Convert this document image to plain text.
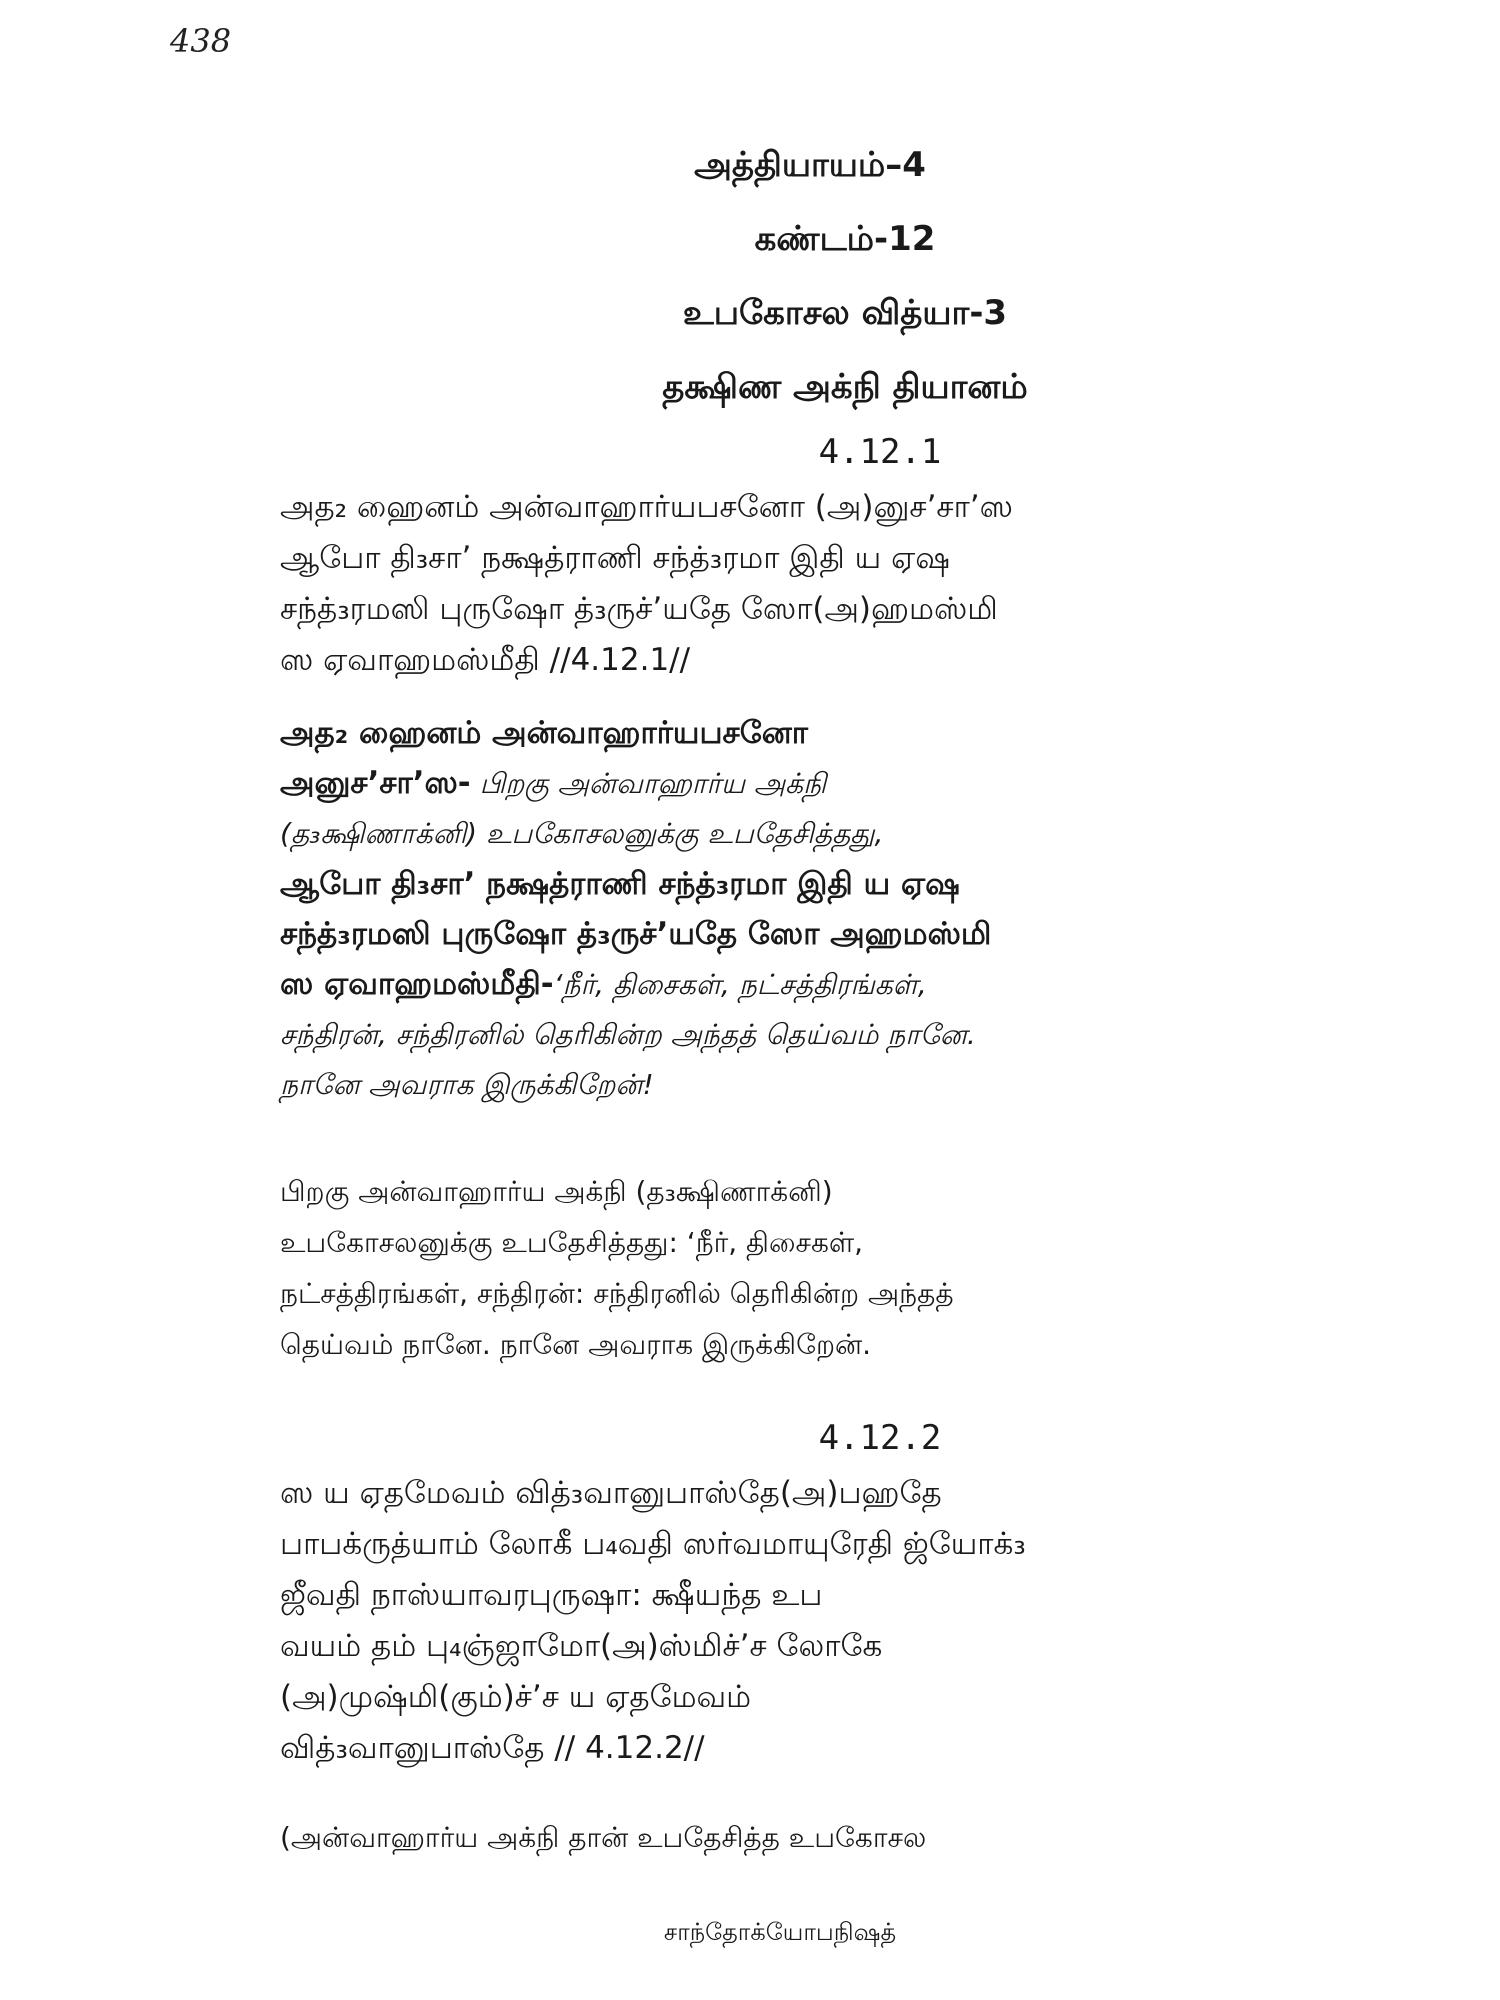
438
அத்தியாயம்–4
கண்டம்-12
உபகோசல வித்யா-3
தக்ஷிண அக்நி தியானம்
4.12.1
அத₂ ஹைனம் அன்வாஹார்யபசனோ (அ)னுச’சா’ஸ
ஆபோ தி₃சா’ நக்ஷத்ராணி சந்த்₃ரமா இதி ய ஏஷ
சந்த்₃ரமஸி புருஷோ த்₃ருச்’யதே ஸோ(அ)ஹமஸ்மி
ஸ ஏவாஹமஸ்மீதி //4.12.1//
அத₂ ஹைனம் அன்வாஹார்யபசனோ
அனுச’சா’ஸ- பிறகு அன்வாஹார்ய அக்நி
(த₃க்ஷிணாக்னி) உபகோசலனுக்கு உபதேசித்தது,
ஆபோ தி₃சா’ நக்ஷத்ராணி சந்த்₃ரமா இதி ய ஏஷ
சந்த்₃ரமஸி புருஷோ த்₃ருச்’யதே ஸோ அஹமஸ்மி
ஸ ஏவாஹமஸ்மீதி-‘நீர், திசைகள், நட்சத்திரங்கள்,
சந்திரன், சந்திரனில் தெரிகின்ற அந்தத் தெய்வம் நானே.
நானே அவராக இருக்கிறேன்!
பிறகு அன்வாஹார்ய அக்நி (த₃க்ஷிணாக்னி)
உபகோசலனுக்கு உபதேசித்தது: ‘நீர், திசைகள்,
நட்சத்திரங்கள், சந்திரன்: சந்திரனில் தெரிகின்ற அந்தத்
தெய்வம் நானே. நானே அவராக இருக்கிறேன்.
4.12.2
ஸ ய ஏதமேவம் வித்₃வானுபாஸ்தே(அ)பஹதே
பாபக்ருத்யாம் லோகீ ப₄வதி ஸர்வமாயுரேதி ஜ்யோக்₃
ஜீவதி நாஸ்யாவரபுருஷா: க்ஷீயந்த உப
வயம் தம் பு₄ஞ்ஜாமோ(அ)ஸ்மிச்’ச லோகே
(அ)முஷ்மி(கும்)ச்’ச ய ஏதமேவம்
வித்₃வானுபாஸ்தே // 4.12.2//
(அன்வாஹார்ய அக்நி தான் உபதேசித்த உபகோசல
சாந்தோக்யோபநிஷத்
